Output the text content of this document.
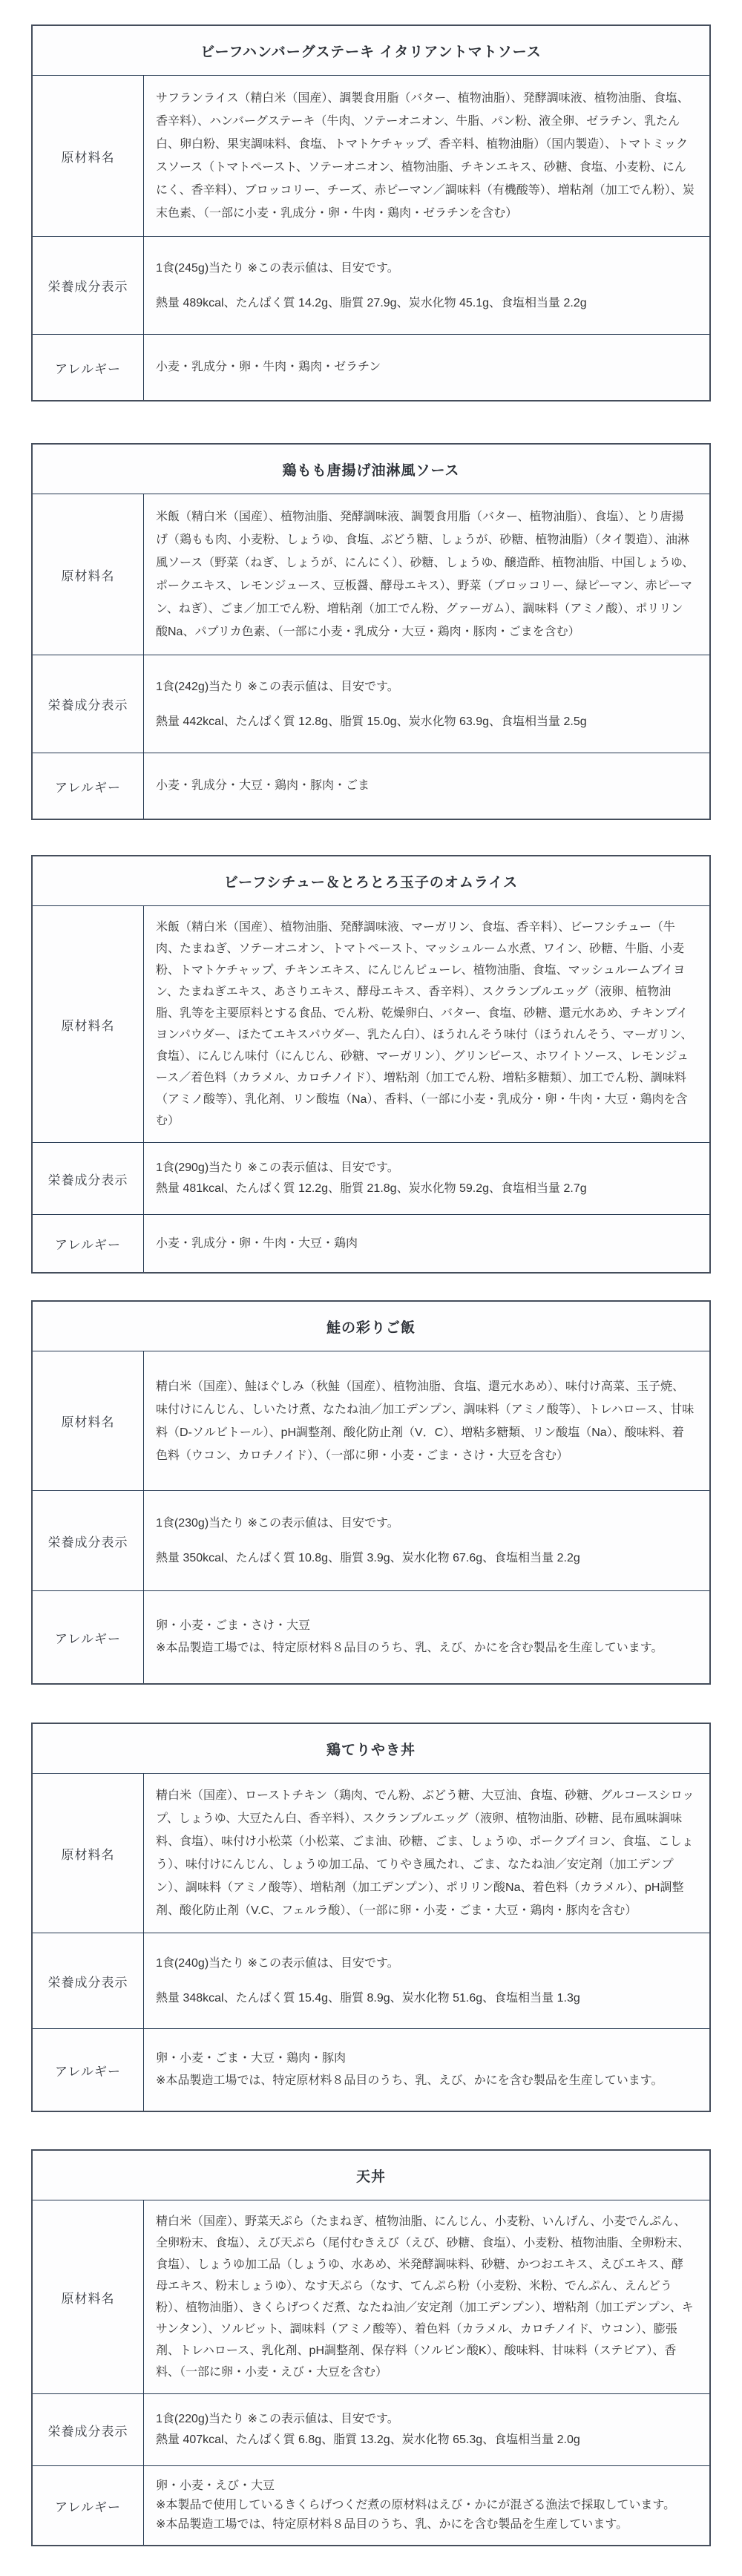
ビーフハンバーグステーキ イタリアントマトソース
原材料名
サフランライス（精白米（国産）、調製食用脂（バター、植物油脂）、発酵調味液、植物油脂、食塩、香辛料）、ハンバーグステーキ（牛肉、ソテーオニオン、牛脂、パン粉、液全卵、ゼラチン、乳たん白、卵白粉、果実調味料、食塩、トマトケチャップ、香辛料、植物油脂）（国内製造）、トマトミックスソース（トマトペースト、ソテーオニオン、植物油脂、チキンエキス、砂糖、食塩、小麦粉、にんにく、香辛料）、ブロッコリー、チーズ、赤ピーマン／調味料（有機酸等）、増粘剤（加工でん粉）、炭末色素、（一部に小麦・乳成分・卵・牛肉・鶏肉・ゼラチンを含む）
栄養成分表示
1食(245g)当たり ※この表示値は、目安です。
熱量 489kcal、たんぱく質 14.2g、脂質 27.9g、炭水化物 45.1g、食塩相当量 2.2g
アレルギー	小麦・乳成分・卵・牛肉・鶏肉・ゼラチン
鶏もも唐揚げ油淋風ソース
原材料名
米飯（精白米（国産）、植物油脂、発酵調味液、調製食用脂（バター、植物油脂）、食塩）、とり唐揚げ（鶏もも肉、小麦粉、しょうゆ、食塩、ぶどう糖、しょうが、砂糖、植物油脂）（タイ製造）、油淋風ソース（野菜（ねぎ、しょうが、にんにく）、砂糖、しょうゆ、醸造酢、植物油脂、中国しょうゆ、ポークエキス、レモンジュース、豆板醤、酵母エキス）、野菜（ブロッコリー、緑ピーマン、赤ピーマン、ねぎ）、ごま／加工でん粉、増粘剤（加工でん粉、グァーガム）、調味料（アミノ酸）、ポリリン酸Na、パプリカ色素、（一部に小麦・乳成分・大豆・鶏肉・豚肉・ごまを含む）
栄養成分表示
1食(242g)当たり ※この表示値は、目安です。
熱量 442kcal、たんぱく質 12.8g、脂質 15.0g、炭水化物 63.9g、食塩相当量 2.5g
アレルギー	小麦・乳成分・大豆・鶏肉・豚肉・ごま
ビーフシチュー＆とろとろ玉子のオムライス
原材料名
米飯（精白米（国産）、植物油脂、発酵調味液、マーガリン、食塩、香辛料）、ビーフシチュー（牛肉、たまねぎ、ソテーオニオン、トマトペースト、マッシュルーム水煮、ワイン、砂糖、牛脂、小麦粉、トマトケチャップ、チキンエキス、にんじんピューレ、植物油脂、食塩、マッシュルームブイヨン、たまねぎエキス、あさりエキス、酵母エキス、香辛料）、スクランブルエッグ（液卵、植物油脂、乳等を主要原料とする食品、でん粉、乾燥卵白、バター、食塩、砂糖、還元水あめ、チキンブイヨンパウダー、ほたてエキスパウダー、乳たん白）、ほうれんそう味付（ほうれんそう、マーガリン、食塩）、にんじん味付（にんじん、砂糖、マーガリン）、グリンピース、ホワイトソース、レモンジュース／着色料（カラメル、カロチノイド）、増粘剤（加工でん粉、増粘多糖類）、加工でん粉、調味料（アミノ酸等）、乳化剤、リン酸塩（Na）、香料、（一部に小麦・乳成分・卵・牛肉・大豆・鶏肉を含む）
栄養成分表示
1食(290g)当たり ※この表示値は、目安です。
熱量 481kcal、たんぱく質 12.2g、脂質 21.8g、炭水化物 59.2g、食塩相当量 2.7g
アレルギー	小麦・乳成分・卵・牛肉・大豆・鶏肉
鮭の彩りご飯
原材料名
精白米（国産）、鮭ほぐしみ（秋鮭（国産）、植物油脂、食塩、還元水あめ）、味付け高菜、玉子焼、味付けにんじん、しいたけ煮、なたね油／加工デンプン、調味料（アミノ酸等）、トレハロース、甘味料（D-ソルビトール）、pH調整剤、酸化防止剤（V．C）、増粘多糖類、リン酸塩（Na）、酸味料、着色料（ウコン、カロチノイド）、（一部に卵・小麦・ごま・さけ・大豆を含む）
栄養成分表示
1食(230g)当たり ※この表示値は、目安です。
熱量 350kcal、たんぱく質 10.8g、脂質 3.9g、炭水化物 67.6g、食塩相当量 2.2g
アレルギー
卵・小麦・ごま・さけ・大豆
※本品製造工場では、特定原材料８品目のうち、乳、えび、かにを含む製品を生産しています。
鶏てりやき丼
原材料名
精白米（国産）、ローストチキン（鶏肉、でん粉、ぶどう糖、大豆油、食塩、砂糖、グルコースシロップ、しょうゆ、大豆たん白、香辛料）、スクランブルエッグ（液卵、植物油脂、砂糖、昆布風味調味料、食塩）、味付け小松菜（小松菜、ごま油、砂糖、ごま、しょうゆ、ポークブイヨン、食塩、こしょう）、味付けにんじん、しょうゆ加工品、てりやき風たれ、ごま、なたね油／安定剤（加工デンプン）、調味料（アミノ酸等）、増粘剤（加工デンプン）、ポリリン酸Na、着色料（カラメル）、pH調整剤、酸化防止剤（V.C、フェルラ酸）、（一部に卵・小麦・ごま・大豆・鶏肉・豚肉を含む）
栄養成分表示
1食(240g)当たり ※この表示値は、目安です。
熱量 348kcal、たんぱく質 15.4g、脂質 8.9g、炭水化物 51.6g、食塩相当量 1.3g
アレルギー
卵・小麦・ごま・大豆・鶏肉・豚肉
※本品製造工場では、特定原材料８品目のうち、乳、えび、かにを含む製品を生産しています。
天丼
原材料名
精白米（国産）、野菜天ぷら（たまねぎ、植物油脂、にんじん、小麦粉、いんげん、小麦でんぷん、全卵粉末、食塩）、えび天ぷら（尾付むきえび（えび、砂糖、食塩）、小麦粉、植物油脂、全卵粉末、食塩）、しょうゆ加工品（しょうゆ、水あめ、米発酵調味料、砂糖、かつおエキス、えびエキス、酵母エキス、粉末しょうゆ）、なす天ぷら（なす、てんぷら粉（小麦粉、米粉、でんぷん、えんどう粉）、植物油脂）、きくらげつくだ煮、なたね油／安定剤（加工デンプン）、増粘剤（加工デンプン、キサンタン）、ソルビット、調味料（アミノ酸等）、着色料（カラメル、カロチノイド、ウコン）、膨張剤、トレハロース、乳化剤、pH調整剤、保存料（ソルビン酸K）、酸味料、甘味料（ステビア）、香料、（一部に卵・小麦・えび・大豆を含む）
栄養成分表示
1食(220g)当たり ※この表示値は、目安です。
熱量 407kcal、たんぱく質 6.8g、脂質 13.2g、炭水化物 65.3g、食塩相当量 2.0g
アレルギー
卵・小麦・えび・大豆
※本製品で使用しているきくらげつくだ煮の原材料はえび・かにが混ざる漁法で採取しています。
※本品製造工場では、特定原材料８品目のうち、乳、かにを含む製品を生産しています。
